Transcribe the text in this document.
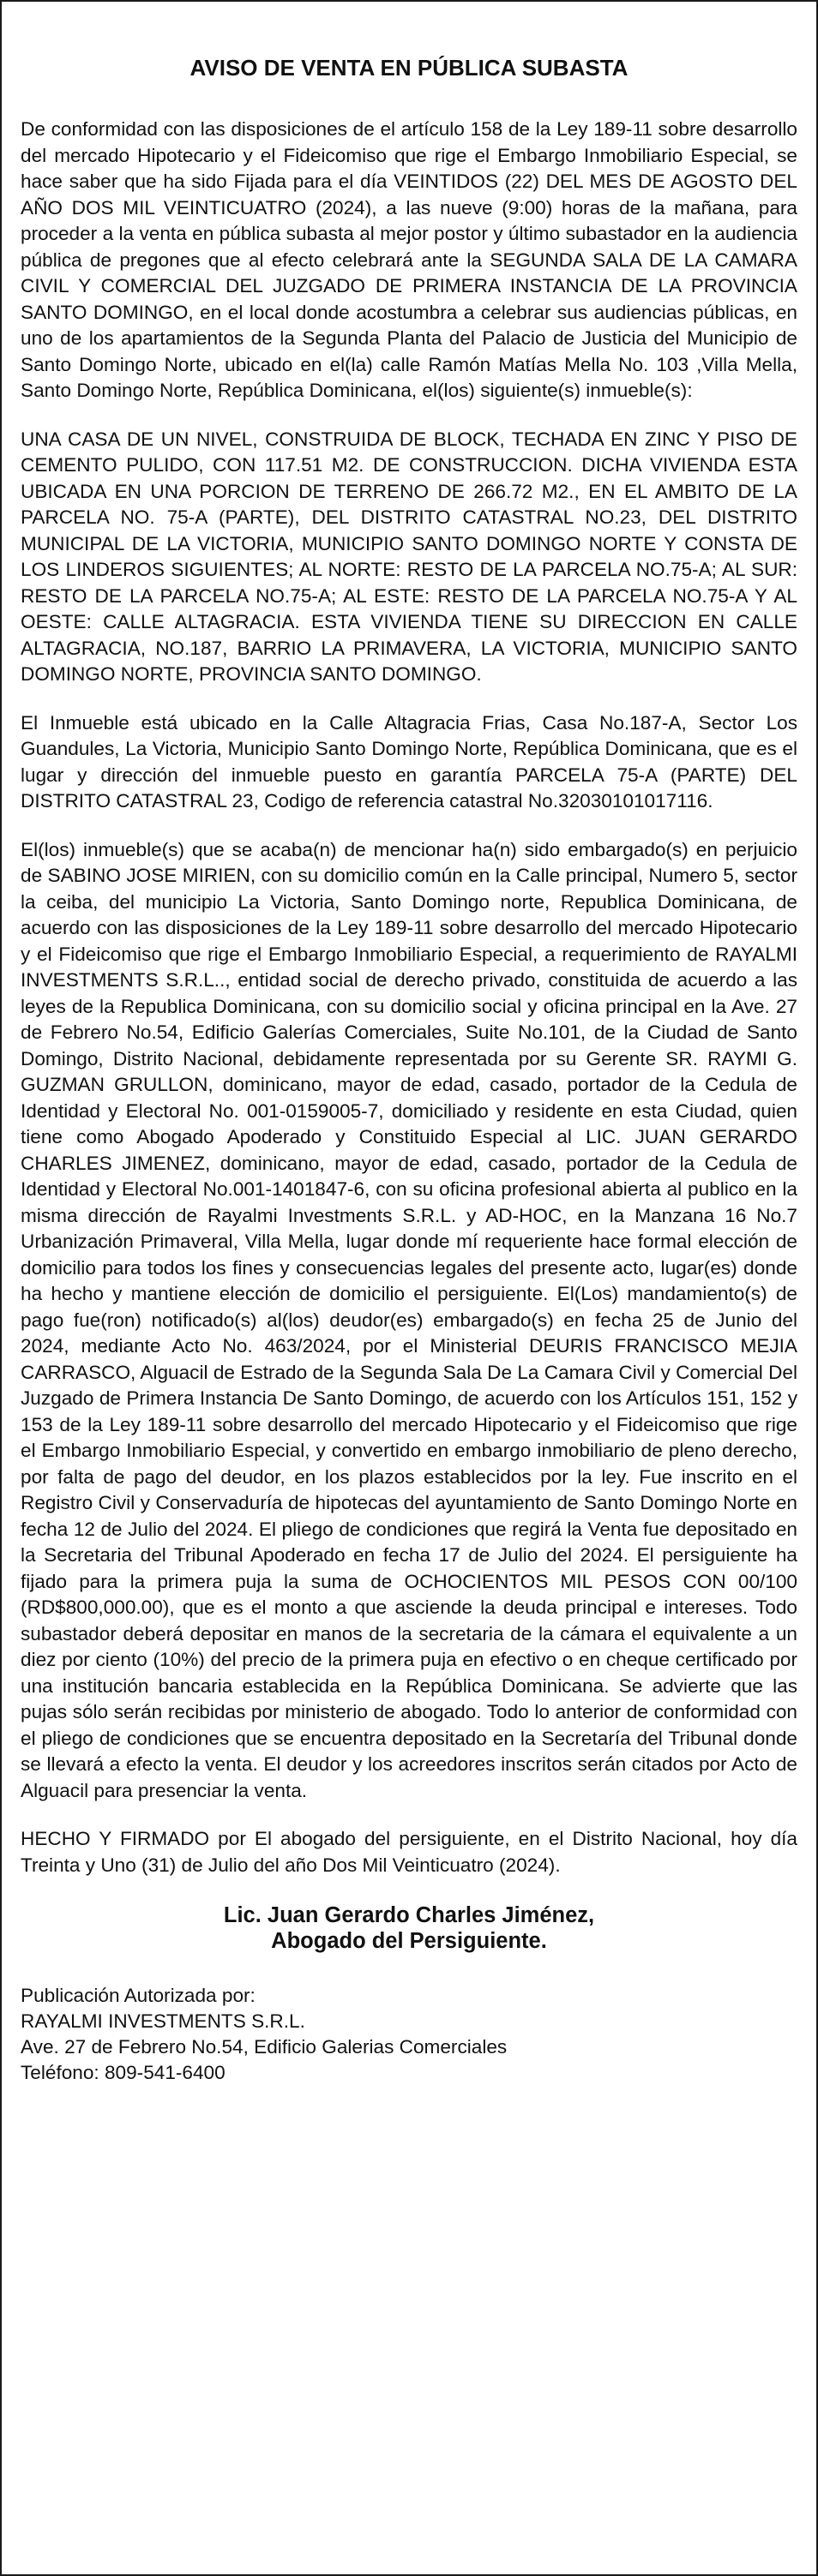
AVISO DE VENTA EN PÚBLICA SUBASTA

De conformidad con las disposiciones de el artículo 158 de la Ley 189-11 sobre desarrollo del mercado Hipotecario y el Fideicomiso que rige el Embargo Inmobiliario Especial, se hace saber que ha sido Fijada para el día VEINTIDOS (22) DEL MES DE AGOSTO DEL AÑO DOS MIL VEINTICUATRO (2024), a las nueve (9:00) horas de la mañana, para proceder a la venta en pública subasta al mejor postor y último subastador en la audiencia pública de pregones que al efecto celebrará ante la SEGUNDA SALA DE LA CAMARA CIVIL Y COMERCIAL DEL JUZGADO DE PRIMERA INSTANCIA DE LA PROVINCIA SANTO DOMINGO, en el local donde acostumbra a celebrar sus audiencias públicas, en uno de los apartamientos de la Segunda Planta del Palacio de Justicia del Municipio de Santo Domingo Norte, ubicado en el(la) calle Ramón Matías Mella No. 103 ,Villa Mella, Santo Domingo Norte, República Dominicana, el(los) siguiente(s) inmueble(s):

UNA CASA DE UN NIVEL, CONSTRUIDA DE BLOCK, TECHADA EN ZINC Y PISO DE CEMENTO PULIDO, CON 117.51 M2. DE CONSTRUCCION. DICHA VIVIENDA ESTA UBICADA EN UNA PORCION DE TERRENO DE 266.72 M2., EN EL AMBITO DE LA PARCELA NO. 75-A (PARTE), DEL DISTRITO CATASTRAL NO.23, DEL DISTRITO MUNICIPAL DE LA VICTORIA, MUNICIPIO SANTO DOMINGO NORTE Y CONSTA DE LOS LINDEROS SIGUIENTES; AL NORTE: RESTO DE LA PARCELA NO.75-A; AL SUR: RESTO DE LA PARCELA NO.75-A; AL ESTE: RESTO DE LA PARCELA NO.75-A Y AL OESTE: CALLE ALTAGRACIA. ESTA VIVIENDA TIENE SU DIRECCION EN CALLE ALTAGRACIA, NO.187, BARRIO LA PRIMAVERA, LA VICTORIA, MUNICIPIO SANTO DOMINGO NORTE, PROVINCIA SANTO DOMINGO.

El Inmueble está ubicado en la Calle Altagracia Frias, Casa No.187-A, Sector Los Guandules, La Victoria, Municipio Santo Domingo Norte, República Dominicana, que es el lugar y dirección del inmueble puesto en garantía PARCELA 75-A (PARTE) DEL DISTRITO CATASTRAL 23, Codigo de referencia catastral No.32030101017116.

El(los) inmueble(s) que se acaba(n) de mencionar ha(n) sido embargado(s) en perjuicio de SABINO JOSE MIRIEN, con su domicilio común en la Calle principal, Numero 5, sector la ceiba, del municipio La Victoria, Santo Domingo norte, Republica Dominicana, de acuerdo con las disposiciones de la Ley 189-11 sobre desarrollo del mercado Hipotecario y el Fideicomiso que rige el Embargo Inmobiliario Especial, a requerimiento de RAYALMI INVESTMENTS S.R.L.., entidad social de derecho privado, constituida de acuerdo a las leyes de la Republica Dominicana, con su domicilio social y oficina principal en la Ave. 27 de Febrero No.54, Edificio Galerías Comerciales, Suite No.101, de la Ciudad de Santo Domingo, Distrito Nacional, debidamente representada por su Gerente SR. RAYMI G. GUZMAN GRULLON, dominicano, mayor de edad, casado, portador de la Cedula de Identidad y Electoral No. 001-0159005-7, domiciliado y residente en esta Ciudad, quien tiene como Abogado Apoderado y Constituido Especial al LIC. JUAN GERARDO CHARLES JIMENEZ, dominicano, mayor de edad, casado, portador de la Cedula de Identidad y Electoral No.001-1401847-6, con su oficina profesional abierta al publico en la misma dirección de Rayalmi Investments S.R.L. y AD-HOC, en la Manzana 16 No.7 Urbanización Primaveral, Villa Mella, lugar donde mí requeriente hace formal elección de domicilio para todos los fines y consecuencias legales del presente acto, lugar(es) donde ha hecho y mantiene elección de domicilio el persiguiente. El(Los) mandamiento(s) de pago fue(ron) notificado(s) al(los) deudor(es) embargado(s) en fecha 25 de Junio del 2024, mediante Acto No. 463/2024, por el Ministerial DEURIS FRANCISCO MEJIA CARRASCO, Alguacil de Estrado de la Segunda Sala De La Camara Civil y Comercial Del Juzgado de Primera Instancia De Santo Domingo, de acuerdo con los Artículos 151, 152 y 153 de la Ley 189-11 sobre desarrollo del mercado Hipotecario y el Fideicomiso que rige el Embargo Inmobiliario Especial, y convertido en embargo inmobiliario de pleno derecho, por falta de pago del deudor, en los plazos establecidos por la ley. Fue inscrito en el Registro Civil y Conservaduría de hipotecas del ayuntamiento de Santo Domingo Norte en fecha 12 de Julio del 2024. El pliego de condiciones que regirá la Venta fue depositado en la Secretaria del Tribunal Apoderado en fecha 17 de Julio del 2024. El persiguiente ha fijado para la primera puja la suma de OCHOCIENTOS MIL PESOS CON 00/100 (RD$800,000.00), que es el monto a que asciende la deuda principal e intereses. Todo subastador deberá depositar en manos de la secretaria de la cámara el equivalente a un diez por ciento (10%) del precio de la primera puja en efectivo o en cheque certificado por una institución bancaria establecida en la República Dominicana. Se advierte que las pujas sólo serán recibidas por ministerio de abogado. Todo lo anterior de conformidad con el pliego de condiciones que se encuentra depositado en la Secretaría del Tribunal donde se llevará a efecto la venta. El deudor y los acreedores inscritos serán citados por Acto de Alguacil para presenciar la venta.

HECHO Y FIRMADO por El abogado del persiguiente, en el Distrito Nacional, hoy día Treinta y Uno (31) de Julio del año Dos Mil Veinticuatro (2024).

Lic. Juan Gerardo Charles Jiménez,
Abogado del Persiguiente.
Publicación Autorizada por:
RAYALMI INVESTMENTS S.R.L.
Ave. 27 de Febrero No.54, Edificio Galerias Comerciales
Teléfono: 809-541-6400
